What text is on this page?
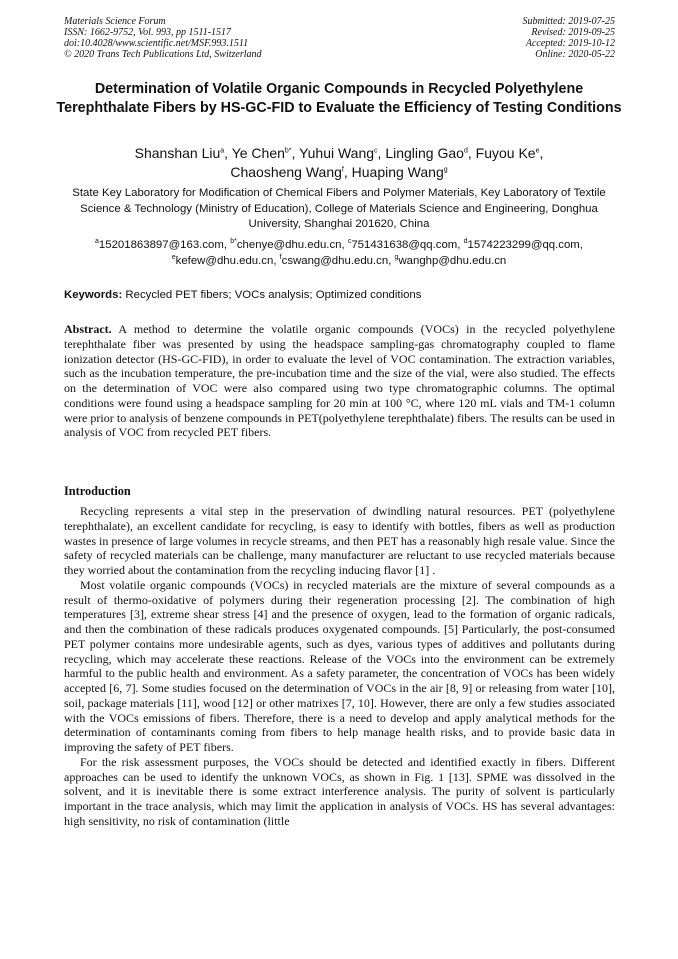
Materials Science Forum
ISSN: 1662-9752, Vol. 993, pp 1511-1517
doi:10.4028/www.scientific.net/MSF.993.1511
© 2020 Trans Tech Publications Ltd, Switzerland
Submitted: 2019-07-25
Revised: 2019-09-25
Accepted: 2019-10-12
Online: 2020-05-22
Determination of Volatile Organic Compounds in Recycled Polyethylene Terephthalate Fibers by HS-GC-FID to Evaluate the Efficiency of Testing Conditions
Shanshan Liu$^a$, Ye Chen$^{b*}$, Yuhui Wang$^c$, Lingling Gao$^d$, Fuyou Ke$^e$,
Chaosheng Wang$^f$, Huaping Wang$^g$
State Key Laboratory for Modification of Chemical Fibers and Polymer Materials, Key Laboratory of Textile Science & Technology (Ministry of Education), College of Materials Science and Engineering, Donghua University, Shanghai 201620, China
$^a$15201863897@163.com, $^{b*}$chenye@dhu.edu.cn, $^c$751431638@qq.com, $^d$1574223299@qq.com,
$^e$kefew@dhu.edu.cn, $^f$cswang@dhu.edu.cn, $^g$wanghp@dhu.edu.cn
Keywords: Recycled PET fibers; VOCs analysis; Optimized conditions
Abstract. A method to determine the volatile organic compounds (VOCs) in the recycled polyethylene terephthalate fiber was presented by using the headspace sampling-gas chromatography coupled to flame ionization detector (HS-GC-FID), in order to evaluate the level of VOC contamination. The extraction variables, such as the incubation temperature, the pre-incubation time and the size of the vial, were also studied. The effects on the determination of VOC were also compared using two type chromatographic columns. The optimal conditions were found using a headspace sampling for 20 min at 100 °C, where 120 mL vials and TM-1 column were prior to analysis of benzene compounds in PET(polyethylene terephthalate) fibers. The results can be used in analysis of VOC from recycled PET fibers.
Introduction

Recycling represents a vital step in the preservation of dwindling natural resources. PET (polyethylene terephthalate), an excellent candidate for recycling, is easy to identify with bottles, fibers as well as production wastes in presence of large volumes in recycle streams, and then PET has a reasonably high resale value. Since the safety of recycled materials can be challenge, many manufacturer are reluctant to use recycled materials because they worried about the contamination from the recycling inducing flavor [1] .

Most volatile organic compounds (VOCs) in recycled materials are the mixture of several compounds as a result of thermo-oxidative of polymers during their regeneration processing [2]. The combination of high temperatures [3], extreme shear stress [4] and the presence of oxygen, lead to the formation of organic radicals, and then the combination of these radicals produces oxygenated compounds. [5] Particularly, the post-consumed PET polymer contains more undesirable agents, such as dyes, various types of additives and pollutants during recycling, which may accelerate these reactions. Release of the VOCs into the environment can be extremely harmful to the public health and environment. As a safety parameter, the concentration of VOCs has been widely accepted [6, 7]. Some studies focused on the determination of VOCs in the air [8, 9] or releasing from water [10], soil, package materials [11], wood [12] or other matrixes [7, 10]. However, there are only a few studies associated with the VOCs emissions of fibers. Therefore, there is a need to develop and apply analytical methods for the determination of contaminants coming from fibers to help manage health risks, and to provide basic data in improving the safety of PET fibers.

For the risk assessment purposes, the VOCs should be detected and identified exactly in fibers. Different approaches can be used to identify the unknown VOCs, as shown in Fig. 1 [13]. SPME was dissolved in the solvent, and it is inevitable there is some extract interference analysis. The purity of solvent is particularly important in the trace analysis, which may limit the application in analysis of VOCs. HS has several advantages: high sensitivity, no risk of contamination (little
